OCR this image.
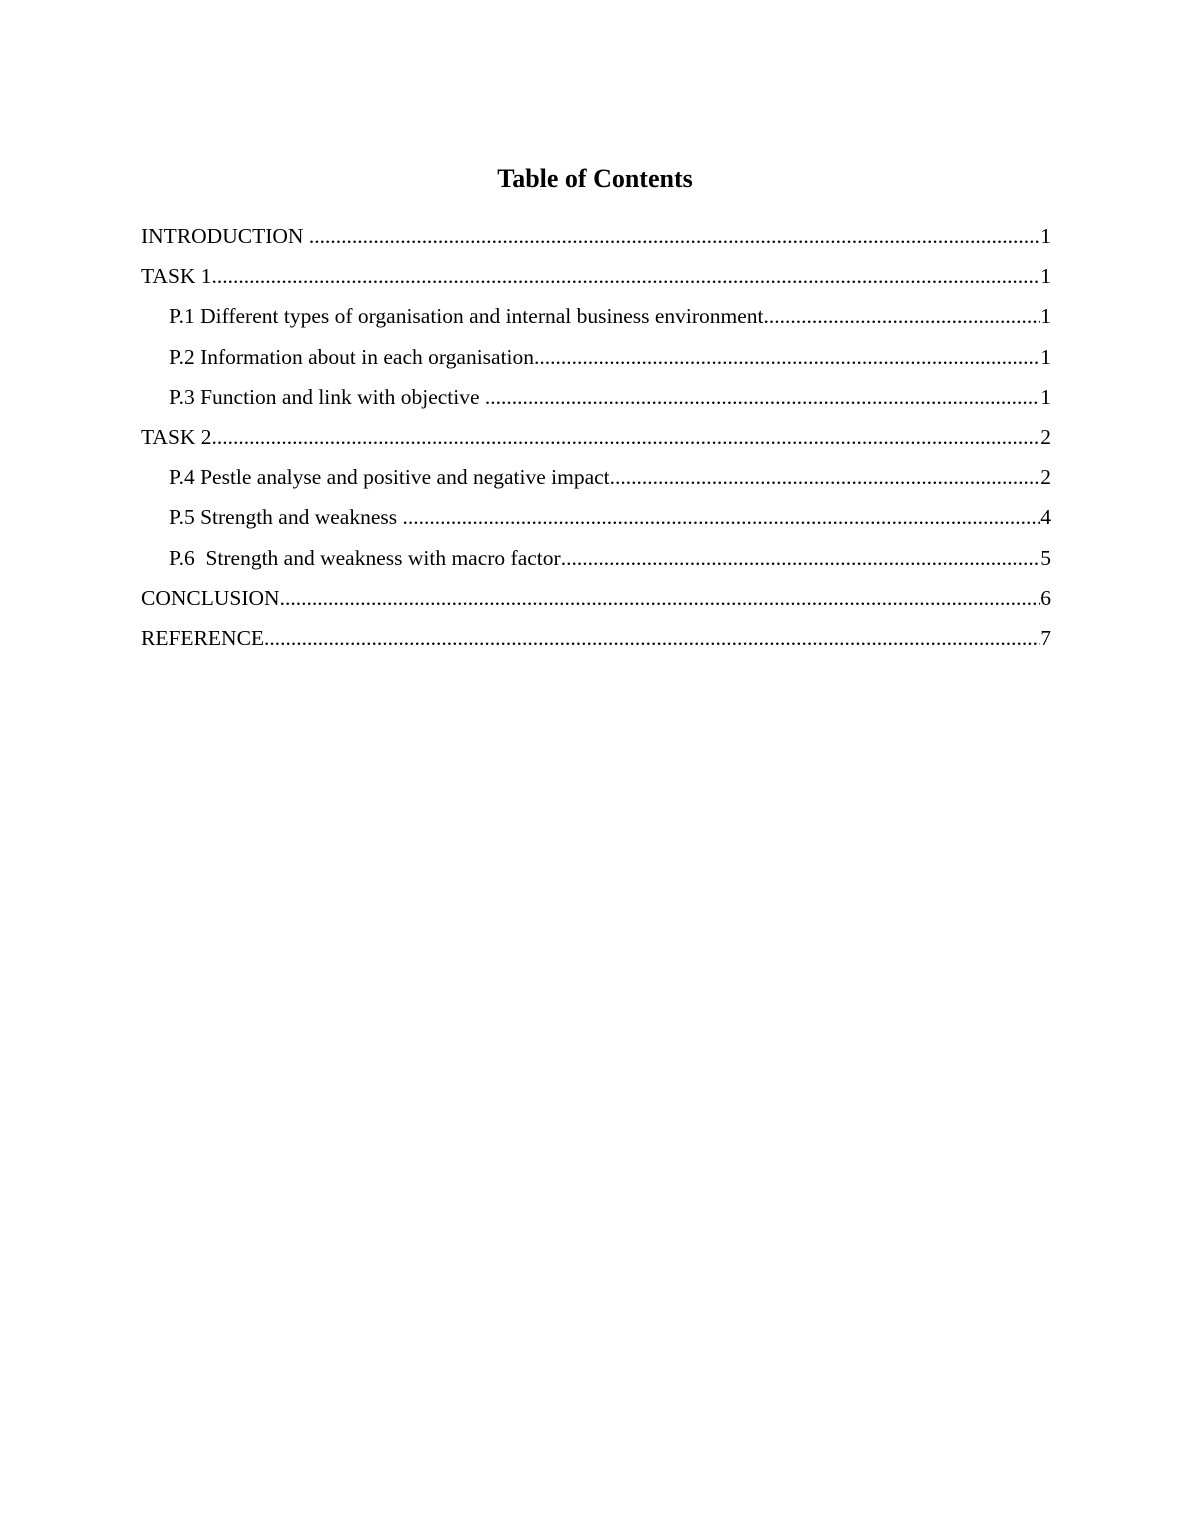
Table of Contents
INTRODUCTION .....	1
TASK 1 .....	1
P.1 Different types of organisation and internal business environment .....	1
P.2 Information about in each organisation .....	1
P.3 Function and link with objective .....	1
TASK 2 .....	2
P.4 Pestle analyse and positive and negative impact .....	2
P.5 Strength and weakness .....	4
P.6  Strength and weakness with macro factor .....	5
CONCLUSION .....	6
REFERENCE .....	7
